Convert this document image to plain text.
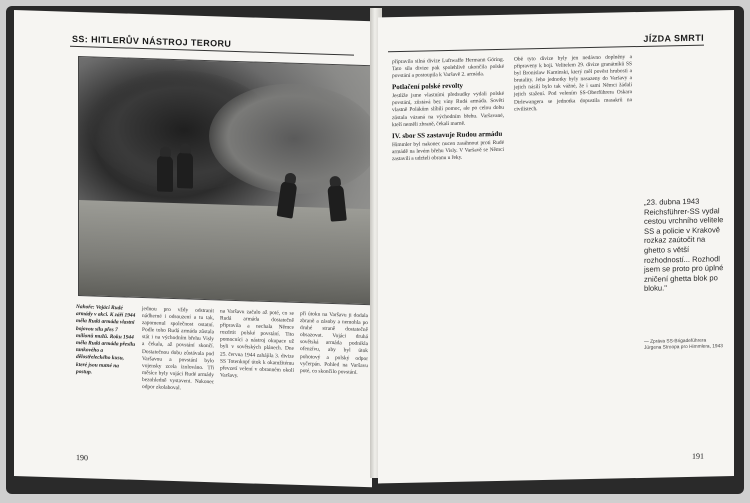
SS: HITLERŮV NÁSTROJ TERORU
Nahoře: Vojáci Rudé armády v akci. K září 1944 měla Rudá armáda vlastní bojovou sílu přes 7 milionů mužů. Roku 1944 měla Rudá armáda přesilu tankového a dělostřeleckého kusu, které jsou nutné na postup.
jednou pro vždy odstranit nádherné i odsouzení a tu tak, zapomenul společnost ostatní. Podle toho Rudá armáda zůstala stát i na východním břehu Visly a čekala, až povstání skončí. Dostatečnou dobu zůstávala pod Varšavou a povstání bylo vojensky zcela izolováno. Tři měsíce byly vojáci Rudé armády bezohledně vystaveni. Nakonec odpor zkolaboval.
na Varšavu začalo až poté, co se Rudá armáda dostatečně připravila a nechala Němce rozdrtit polské povstání. Tito pomocníci a nástroj okupace už byli v sovětských plánech. Dne 25. června 1944 zahájila 3. divize SS Totenkopf útok k okamžitému převzetí velení v obranném okolí Varšavy.
při útoku na Varšavu ji dodala zbraně a zásoby a nemohla po druhé straně dostatečně obsazovat. Vojáci druhá sovětská armáda podnikla ofenzívu, aby byl útok pohotový a polský odpor vyčerpán. Pohled na Varšavu poté, co skončilo povstání.
190
JÍZDA SMRTI
připravila silná divize Luftwaffe Hermann Göring. Tato síla divize pak spolehlivě ukončila polské povstání a postoupila k Varšavě 2. armáda.
Potlačení polské revolty
Jestliže jsme vlastními předsudky vydali polské povstání, zůstává bez viny Rudá armáda. Sověti vlastně Polákům slíbili pomoc, ale po celou dobu zůstala vázaná na východním břehu. Varšavané, kteří neměli zbraně, čekali marně.
IV. sbor SS zastavuje Rudou armádu
Himmler byl nakonec nucen zasáhnout proti Rudé armádě na levém břehu Visly. V Varšavě se Němci zastavili a udrželi obranu u řeky.
Obě tyto divize byly jen nedávno doplněny a připraveny k boji. Velitelem 29. divize granátníků SS byl Bronislaw Kaminski, který měl pověst hrubosti a brutality. Jeho jednotky byly nasazeny do Varšavy a jejich násilí bylo tak vážné, že i sami Němci žádali jejich stažení. Pod velením SS-Oberführera Oskara Dirlewangera se jednotka dopustila masakrů na civilistech.
„23. dubna 1943 Reichsführer-SS vydal cestou vrchního velitele SS a policie v Krakově rozkaz zaútočit na ghetto s větší rozhodností... Rozhodl jsem se proto pro úplné zničení ghetta blok po bloku."
— Zpráva SS-Brigadeführera Jürgena Stroopa pro Himmlera, 1943
191
